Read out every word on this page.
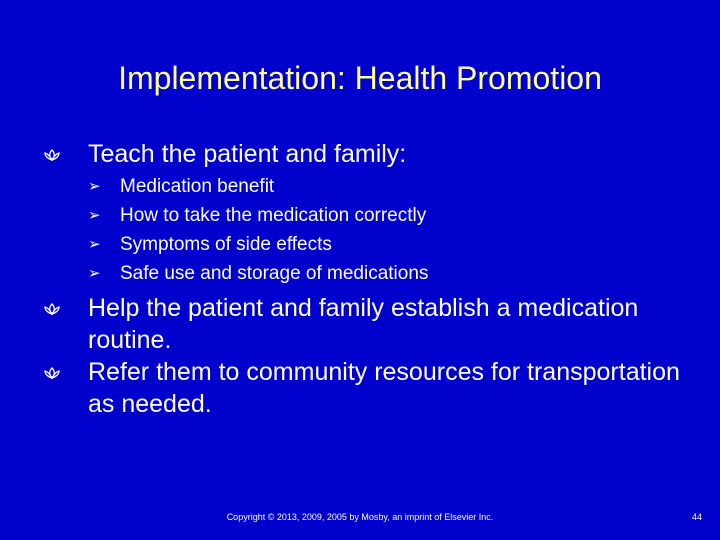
Implementation: Health Promotion
Teach the patient and family:
➢	Medication benefit
➢	How to take the medication correctly
➢	Symptoms of side effects
➢	Safe use and storage of medications
Help the patient and family establish a medication routine.
Refer them to community resources for transportation as needed.
Copyright © 2013, 2009, 2005 by Mosby, an imprint of Elsevier Inc.	44
